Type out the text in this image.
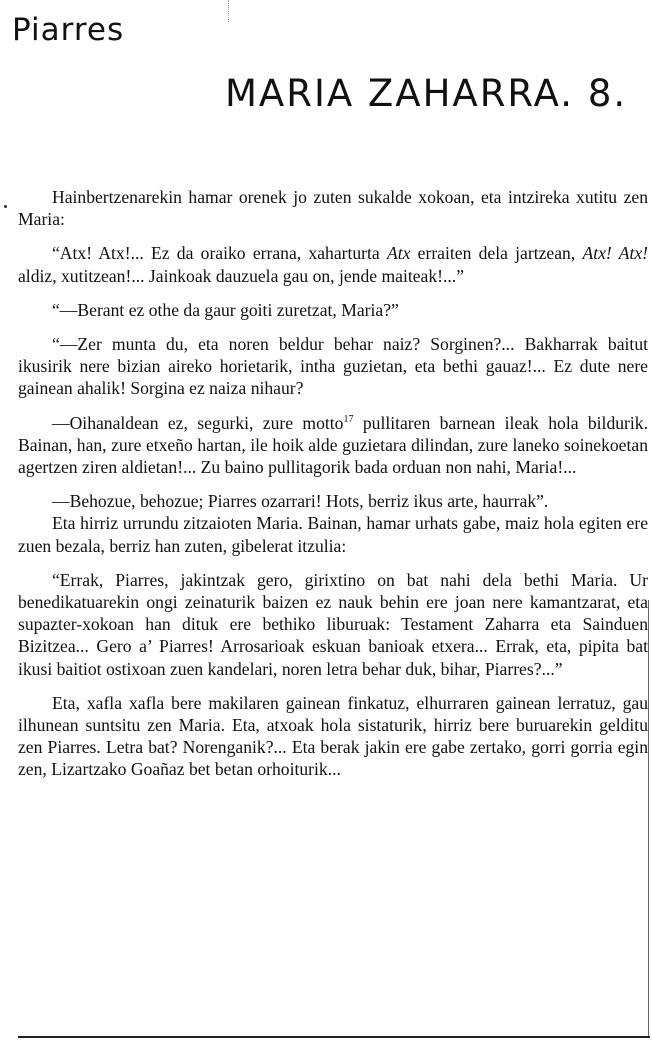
Piarres
MARIA ZAHARRA. 8.

Hainbertzenarekin hamar orenek jo zuten sukalde xokoan, eta intzireka xutitu zen Maria:

“Atx! Atx!... Ez da oraiko errana, xaharturta Atx erraiten dela jartzean, Atx! Atx! aldiz, xutitzean!... Jainkoak dauzuela gau on, jende maiteak!...”

“—Berant ez othe da gaur goiti zuretzat, Maria?”

“—Zer munta du, eta noren beldur behar naiz? Sorginen?... Bakharrak baitut ikusirik nere bizian aireko horietarik, intha guzietan, eta bethi gauaz!... Ez dute nere gainean ahalik! Sorgina ez naiza nihaur?

—Oihanaldean ez, segurki, zure motto$^{17}$ pullitaren barnean ileak hola bildurik. Bainan, han, zure etxeño hartan, ile hoik alde guzietara dilindan, zure laneko soinekoetan agertzen ziren aldietan!... Zu baino pullitagorik bada orduan non nahi, Maria!...

—Behozue, behozue; Piarres ozarrari! Hots, berriz ikus arte, haurrak”.

Eta hirriz urrundu zitzaioten Maria. Bainan, hamar urhats gabe, maiz hola egiten ere zuen bezala, berriz han zuten, gibelerat itzulia:

“Errak, Piarres, jakintzak gero, girixtino on bat nahi dela bethi Maria. Ur benedikatuarekin ongi zeinaturik baizen ez nauk behin ere joan nere kamantzarat, eta supazter-xokoan han dituk ere bethiko liburuak: Testament Zaharra eta Sainduen Bizitzea... Gero a’ Piarres! Arrosarioak eskuan banioak etxera... Errak, eta, pipita bat ikusi baitiot ostixoan zuen kandelari, noren letra behar duk, bihar, Piarres?...”

Eta, xafla xafla bere makilaren gainean finkatuz, elhurraren gainean lerratuz, gau ilhunean suntsitu zen Maria. Eta, atxoak hola sistaturik, hirriz bere buruarekin gelditu zen Piarres. Letra bat? Norenganik?... Eta berak jakin ere gabe zertako, gorri gorria egin zen, Lizartzako Goañaz bet betan orhoiturik...
